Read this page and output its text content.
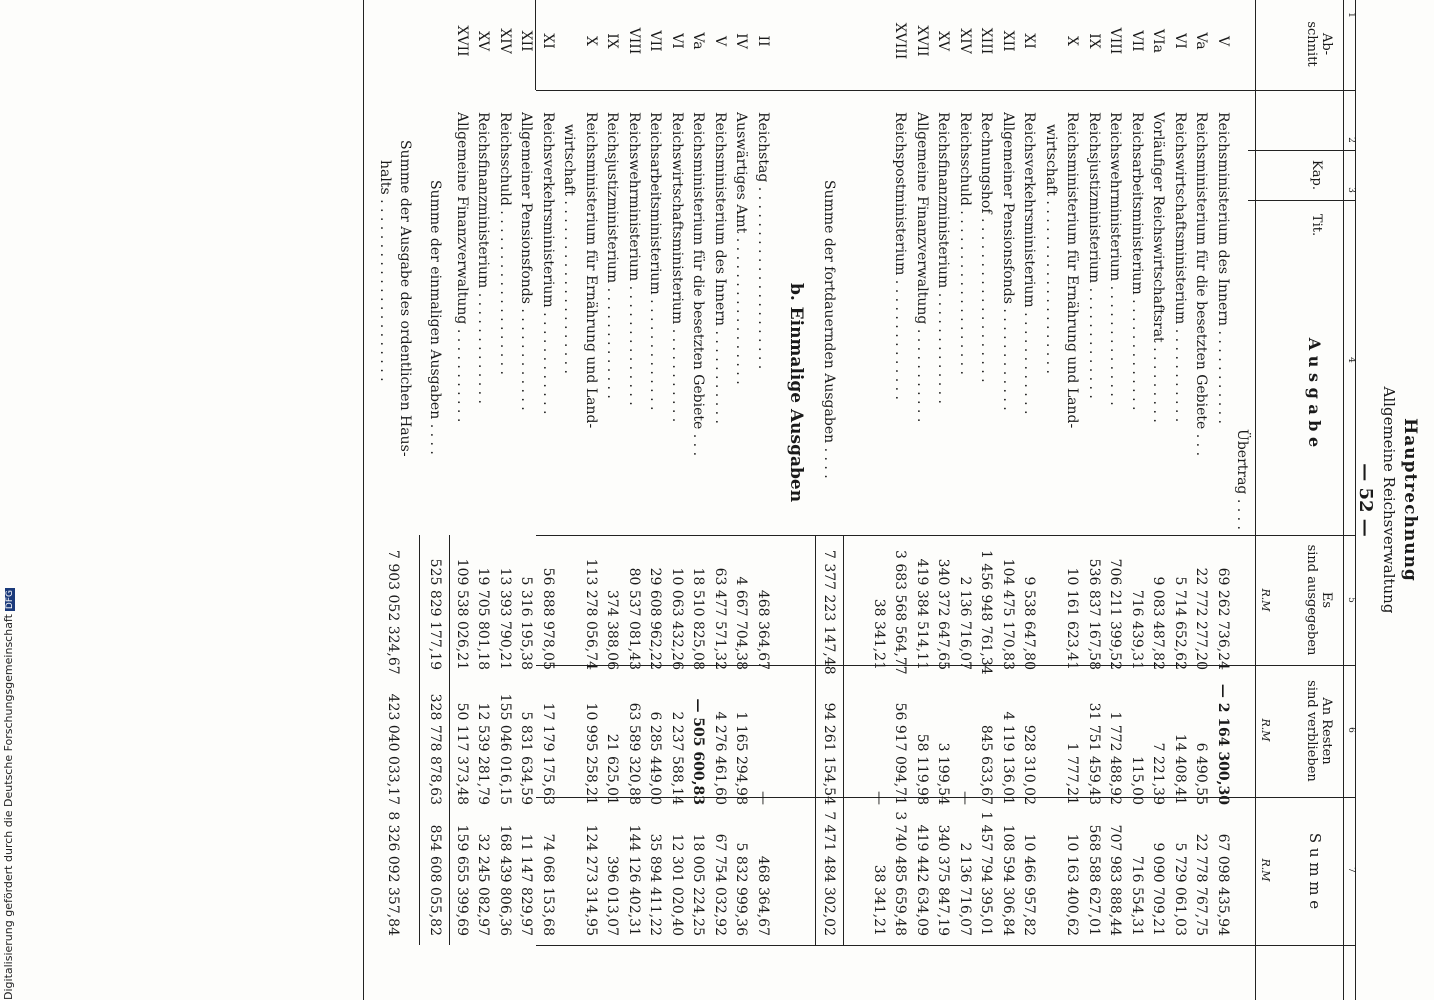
Hauptrechnung
Allgemeine Reichsverwaltung
— 52 —
1
2
3
4
5
6
7
Ab-
schnitt
Kap.
Tit.
A u s g a b e
Es
sind ausgegeben
An Resten
sind verblieben
S u m m e
R.M
R.M
R.M
Übertrag . . . .
V
Reichsministerium des Innern . . . . . . . . . . .
69 262 736,24
— 2 164 300,30
67 098 435,94
Va
Reichsministerium für die besetzten Gebiete . . .
22 772 277,20
6 490,55
22 778 767,75
VI
Reichswirtschaftsministerium . . . . . . . . . . .
5 714 652,62
14 408,41
5 729 061,03
VIa
Vorläufiger Reichswirtschaftsrat . . . . . . . . .
9 083 487,82
7 221,39
9 090 709,21
VII
Reichsarbeitsministerium . . . . . . . . . . . . .
716 439,31
115,00
716 554,31
VIII
Reichswehrministerium . . . . . . . . . . . . . .
706 211 399,52
1 772 488,92
707 983 888,44
IX
Reichsjustizministerium . . . . . . . . . . . . .
536 837 167,58
31 751 459,43
568 588 627,01
X
Reichsministerium für Ernährung und Land-
10 161 623,41
1 777,21
10 163 400,62
wirtschaft . . . . . . . . . . . . . . . . . . . .
XI
Reichsverkehrsministerium . . . . . . . . . . . .
9 538 647,80
928 310,02
10 466 957,82
XII
Allgemeiner Pensionsfonds . . . . . . . . . . . .
104 475 170,83
4 119 136,01
108 594 306,84
XIII
Rechnungshof . . . . . . . . . . . . . . . . . . .
1 456 948 761,34
845 633,67
1 457 794 395,01
XIV
Reichsschuld . . . . . . . . . . . . . . . . . . .
2 136 716,07
—
2 136 716,07
XV
Reichsfinanzministerium . . . . . . . . . . . . .
340 372 647,65
3 199,54
340 375 847,19
XVII
Allgemeine Finanzverwaltung . . . . . . . . . . .
419 384 514,11
58 119,98
419 442 634,09
XVIII
Reichspostministerium . . . . . . . . . . . . . .
3 683 568 564,77
56 917 094,71
3 740 485 659,48
38 341,21
—
38 341,21
Summe der fortdauernden Ausgaben . . . .
7 377 223 147,48
94 261 154,54
7 471 484 302,02
b. Einmalige Ausgaben
II
Reichstag . . . . . . . . . . . . . . . . . . . . .
468 364,67
—
468 364,67
IV
Auswärtiges Amt . . . . . . . . . . . . . . . . .
4 667 704,38
1 165 294,98
5 832 999,36
V
Reichsministerium des Innern . . . . . . . . . . .
63 477 571,32
4 276 461,60
67 754 032,92
Va
Reichsministerium für die besetzten Gebiete . . .
18 510 825,08
— 505 600,83
18 005 224,25
VI
Reichswirtschaftsministerium . . . . . . . . . . .
10 063 432,26
2 237 588,14
12 301 020,40
VII
Reichsarbeitsministerium . . . . . . . . . . . . .
29 608 962,22
6 285 449,00
35 894 411,22
VIII
Reichswehrministerium . . . . . . . . . . . . . .
80 537 081,43
63 589 320,88
144 126 402,31
IX
Reichsjustizministerium . . . . . . . . . . . . .
374 388,06
21 625,01
396 013,07
X
Reichsministerium für Ernährung und Land-
113 278 056,74
10 995 258,21
124 273 314,95
wirtschaft . . . . . . . . . . . . . . . . . . . .
XI
Reichsverkehrsministerium . . . . . . . . . . . .
56 888 978,05
17 179 175,63
74 068 153,68
XII
Allgemeiner Pensionsfonds . . . . . . . . . . . .
5 316 195,38
5 831 634,59
11 147 829,97
XIV
Reichsschuld . . . . . . . . . . . . . . . . . . .
13 393 790,21
155 046 016,15
168 439 806,36
XV
Reichsfinanzministerium . . . . . . . . . . . . .
19 705 801,18
12 539 281,79
32 245 082,97
XVII
Allgemeine Finanzverwaltung . . . . . . . . . . .
109 538 026,21
50 117 373,48
159 655 399,69
Summe der einmaligen Ausgaben . . . .
525 829 177,19
328 778 878,63
854 608 055,82
Summe der Ausgabe des ordentlichen Haus-
7 903 052 324,67
423 040 033,17
8 326 092 357,84
halts . . . . . . . . . . . . . . . . . . . . .
Digitalisierung gefördert durch die Deutsche ForschungsgemeinschaftDFG
